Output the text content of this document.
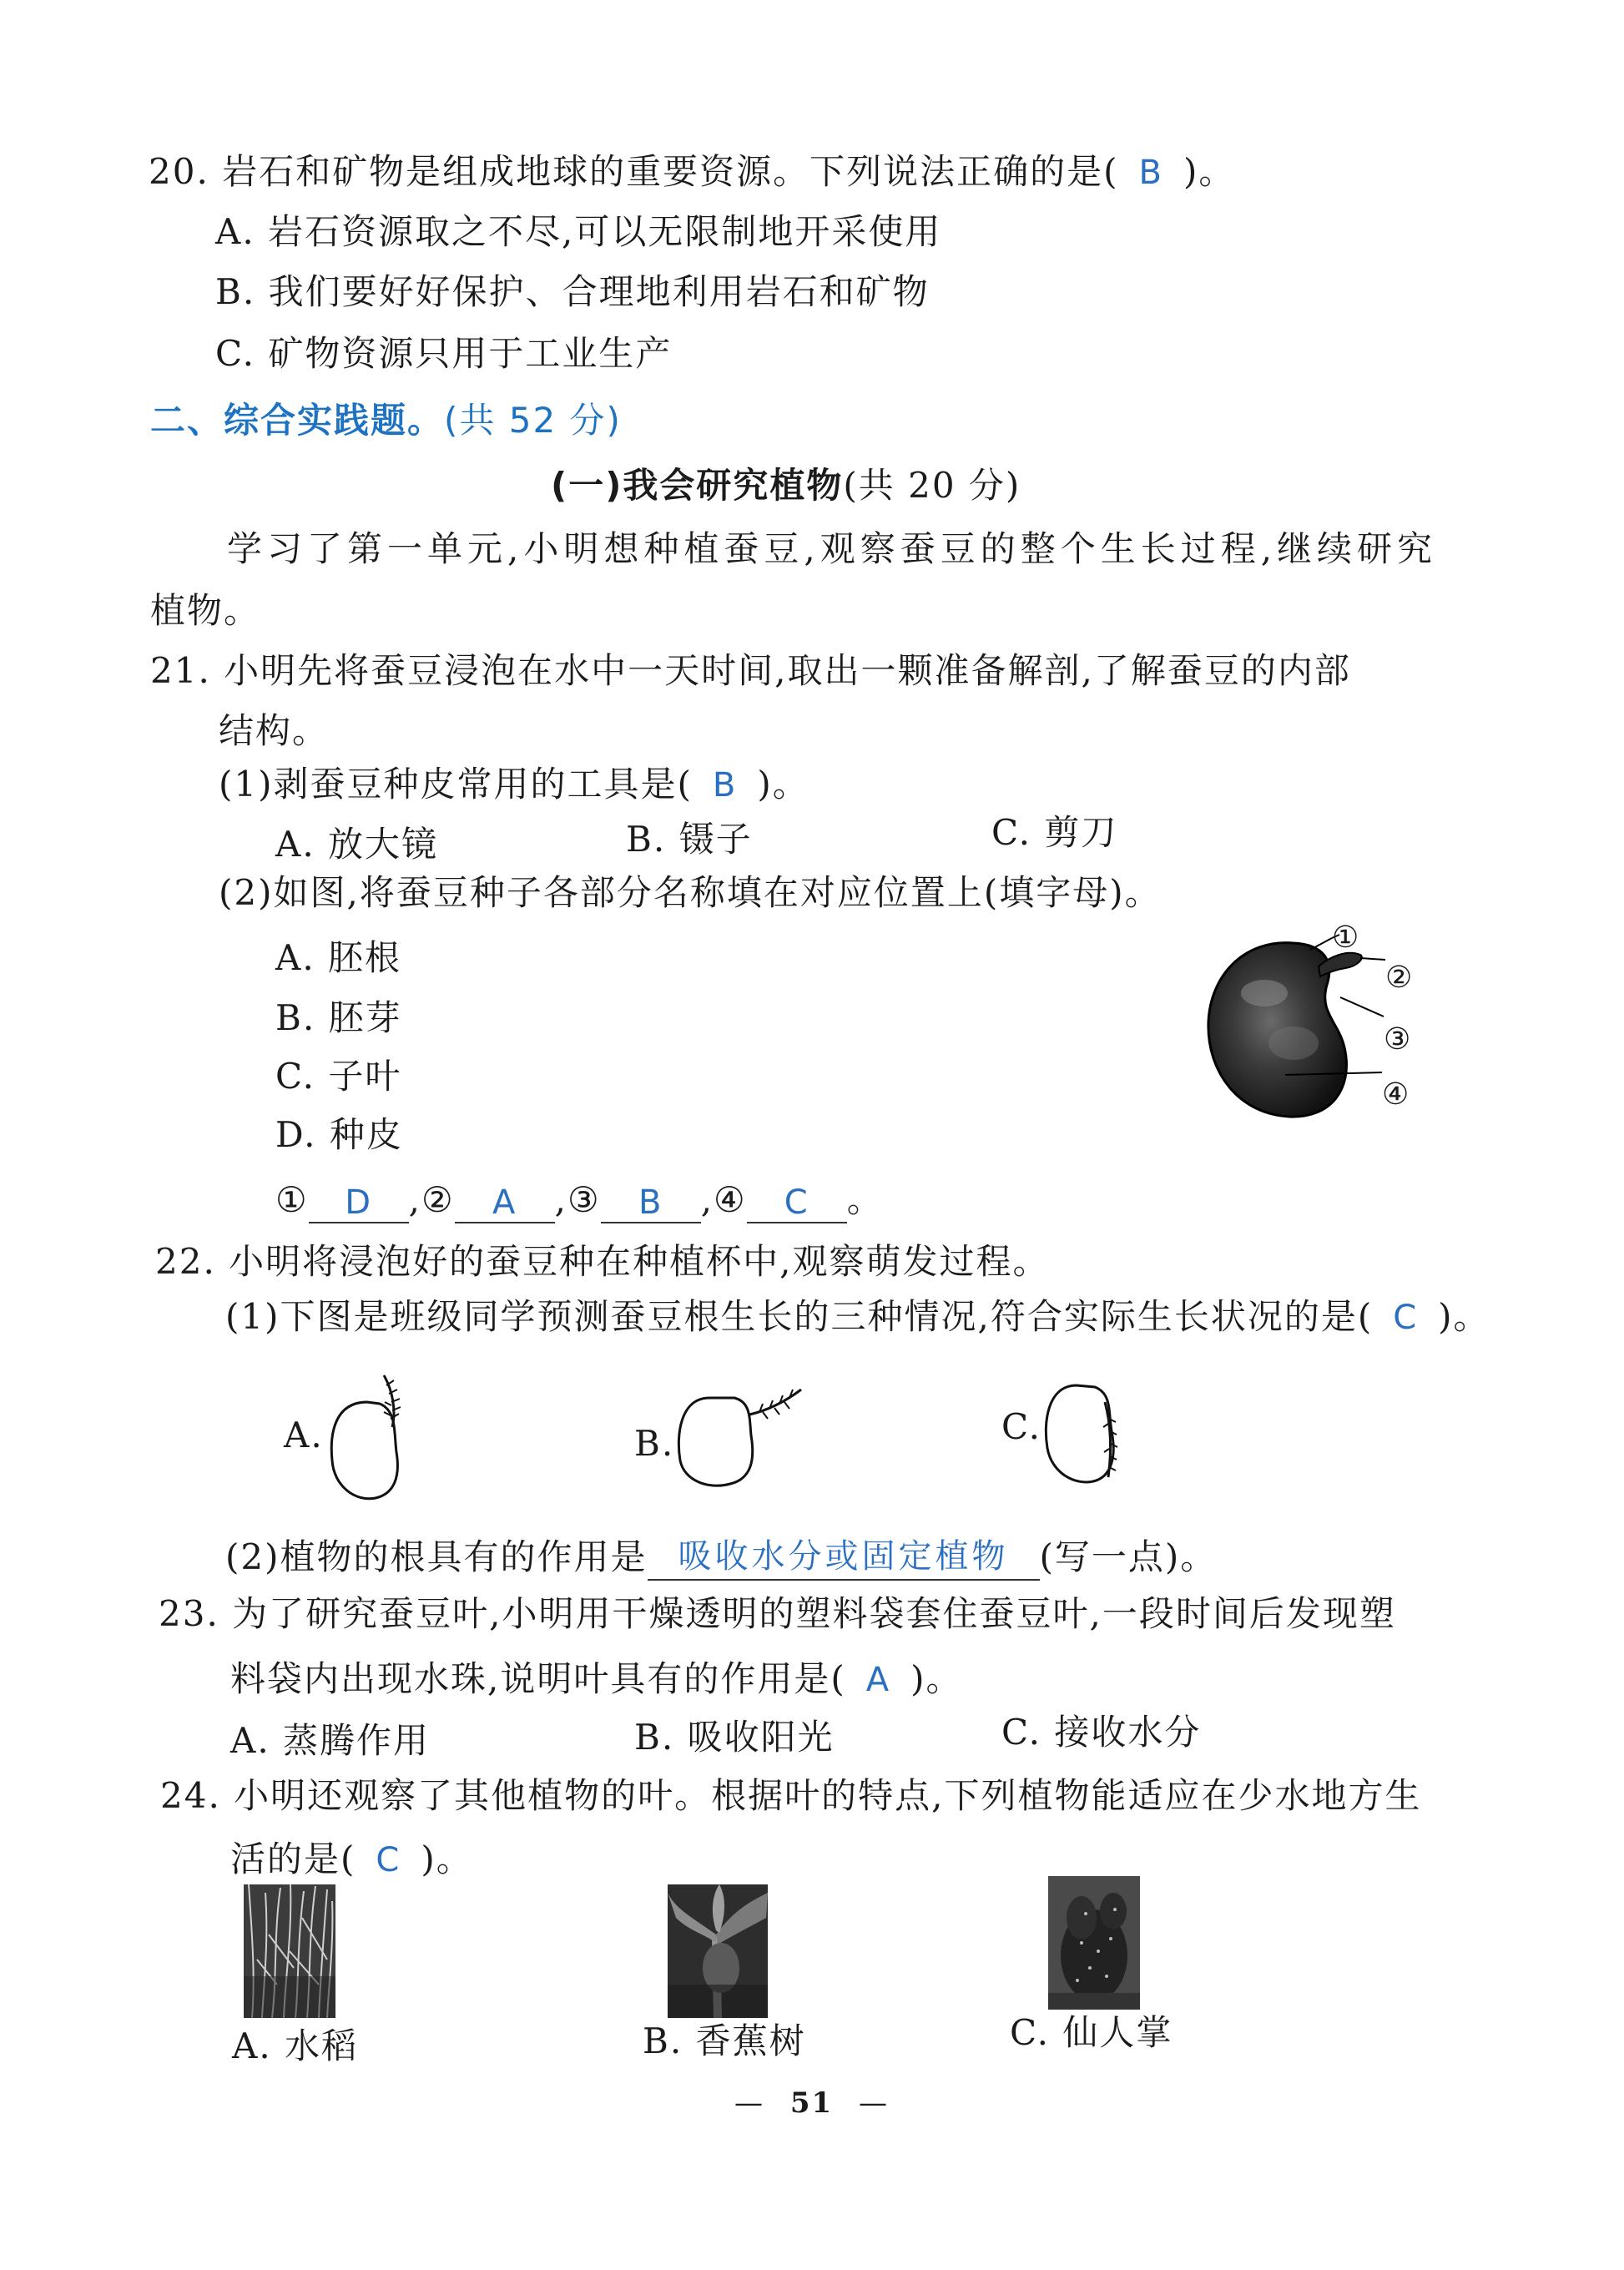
20. 岩石和矿物是组成地球的重要资源。下列说法正确的是( B )。
A. 岩石资源取之不尽,可以无限制地开采使用
B. 我们要好好保护、合理地利用岩石和矿物
C. 矿物资源只用于工业生产
二、综合实践题。(共 52 分)
(一)我会研究植物(共 20 分)
学习了第一单元,小明想种植蚕豆,观察蚕豆的整个生长过程,继续研究
植物。
21. 小明先将蚕豆浸泡在水中一天时间,取出一颗准备解剖,了解蚕豆的内部
结构。
(1)剥蚕豆种皮常用的工具是( B )。
A. 放大镜	B. 镊子	C. 剪刀
(2)如图,将蚕豆种子各部分名称填在对应位置上(填字母)。
A. 胚根
B. 胚芽
C. 子叶
D. 种皮
①
②
③
④
① D ,② A ,③ B ,④ C 。
22. 小明将浸泡好的蚕豆种在种植杯中,观察萌发过程。
(1)下图是班级同学预测蚕豆根生长的三种情况,符合实际生长状况的是( C )。
A.	B.	C.
(2)植物的根具有的作用是 吸收水分或固定植物 (写一点)。
23. 为了研究蚕豆叶,小明用干燥透明的塑料袋套住蚕豆叶,一段时间后发现塑
料袋内出现水珠,说明叶具有的作用是( A )。
A. 蒸腾作用	B. 吸收阳光	C. 接收水分
24. 小明还观察了其他植物的叶。根据叶的特点,下列植物能适应在少水地方生
活的是( C )。
A. 水稻	B. 香蕉树	C. 仙人掌
— 51 —
